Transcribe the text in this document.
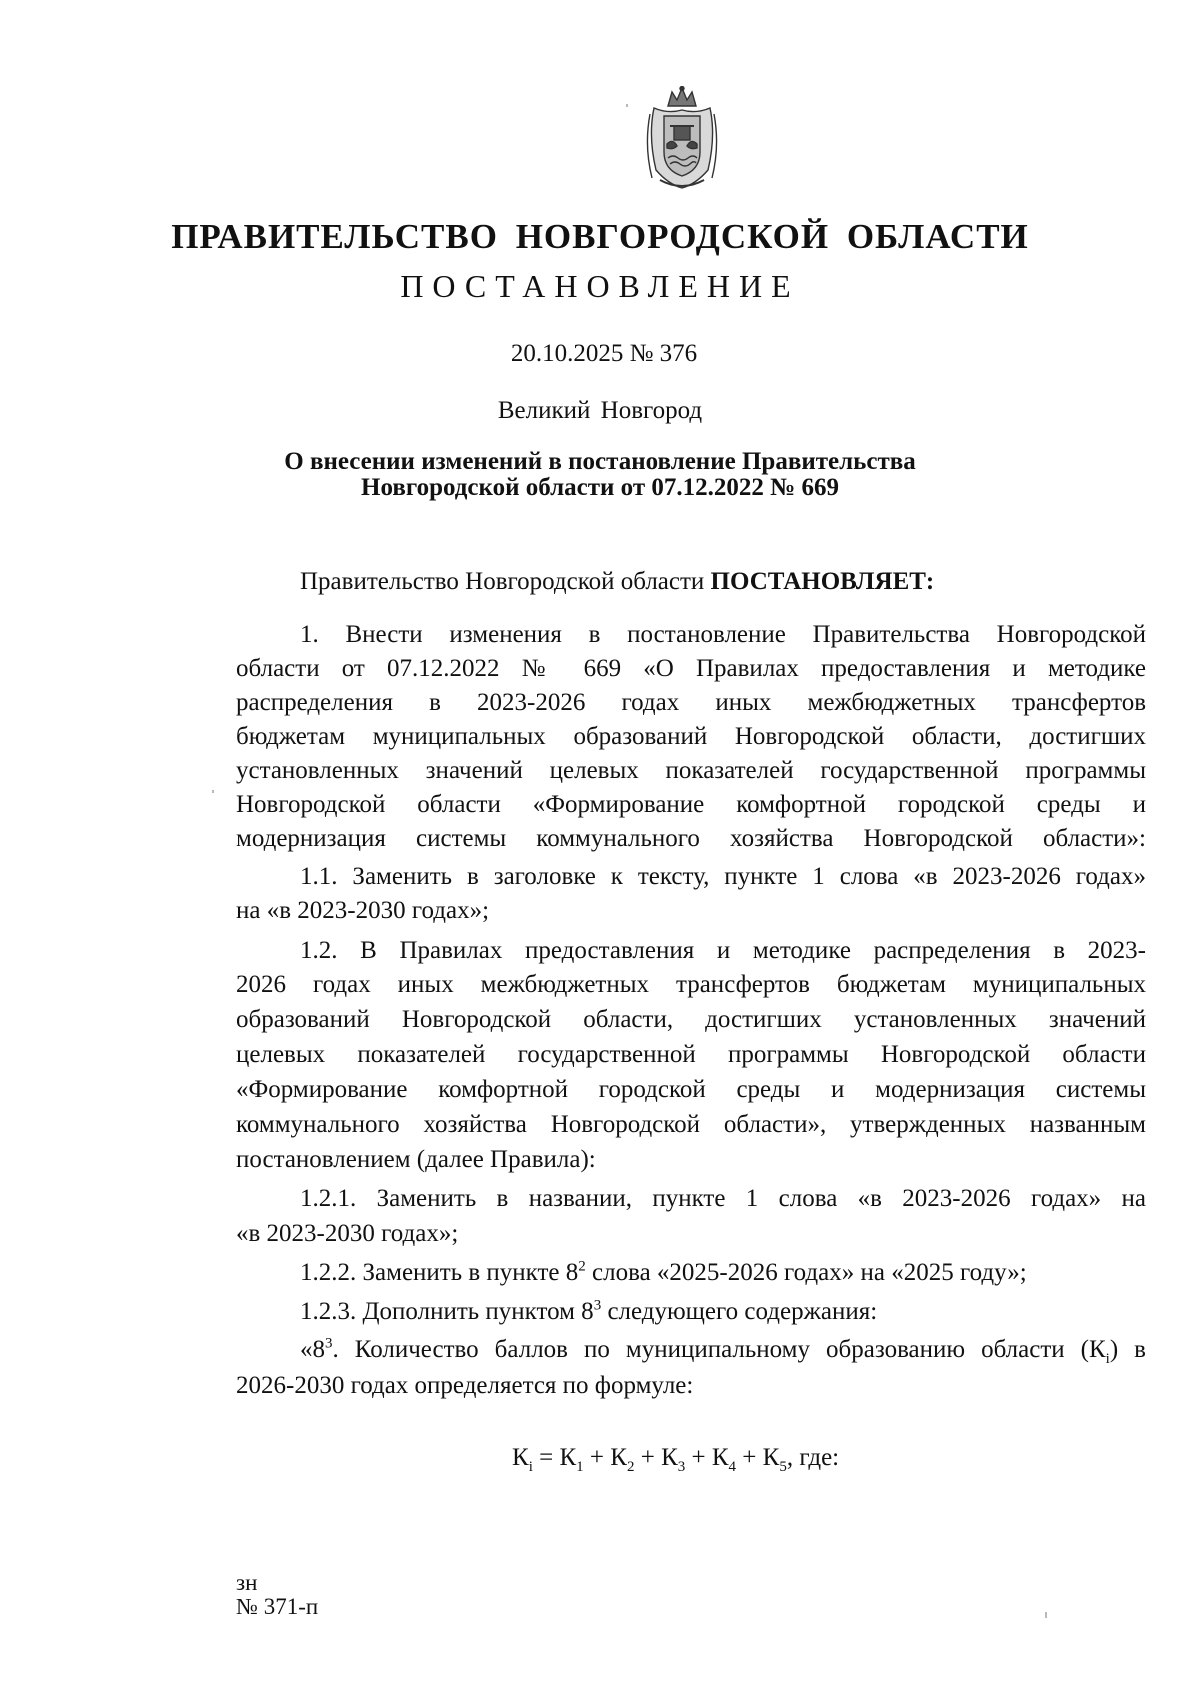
ПРАВИТЕЛЬСТВО НОВГОРОДСКОЙ ОБЛАСТИ
ПОСТАНОВЛЕНИЕ
20.10.2025 № 376
Великий Новгород
О внесении изменений в постановление Правительства
Новгородской области от 07.12.2022 № 669
Правительство Новгородской области ПОСТАНОВЛЯЕТ:
1. Внести изменения в постановление Правительства Новгородской
области от 07.12.2022 № 669 «О Правилах предоставления и методике
распределения в 2023-2026 годах иных межбюджетных трансфертов
бюджетам муниципальных образований Новгородской области, достигших
установленных значений целевых показателей государственной программы
Новгородской области «Формирование комфортной городской среды и
модернизация системы коммунального хозяйства Новгородской области»:
1.1. Заменить в заголовке к тексту, пункте 1 слова «в 2023-2026 годах»
на «в 2023-2030 годах»;
1.2. В Правилах предоставления и методике распределения в 2023-
2026 годах иных межбюджетных трансфертов бюджетам муниципальных
образований Новгородской области, достигших установленных значений
целевых показателей государственной программы Новгородской области
«Формирование комфортной городской среды и модернизация системы
коммунального хозяйства Новгородской области», утвержденных названным
постановлением (далее Правила):
1.2.1. Заменить в названии, пункте 1 слова «в 2023-2026 годах» на
«в 2023-2030 годах»;
1.2.2. Заменить в пункте $8^2$ слова «2025-2026 годах» на «2025 году»;
1.2.3. Дополнить пунктом $8^3$ следующего содержания:
«$8^3$. Количество баллов по муниципальному образованию области $(К_i)$ в
2026-2030 годах определяется по формуле:
$К_i = К_1 + К_2 + К_3 + К_4 + К_5$, где:
зн
№ 371-п
